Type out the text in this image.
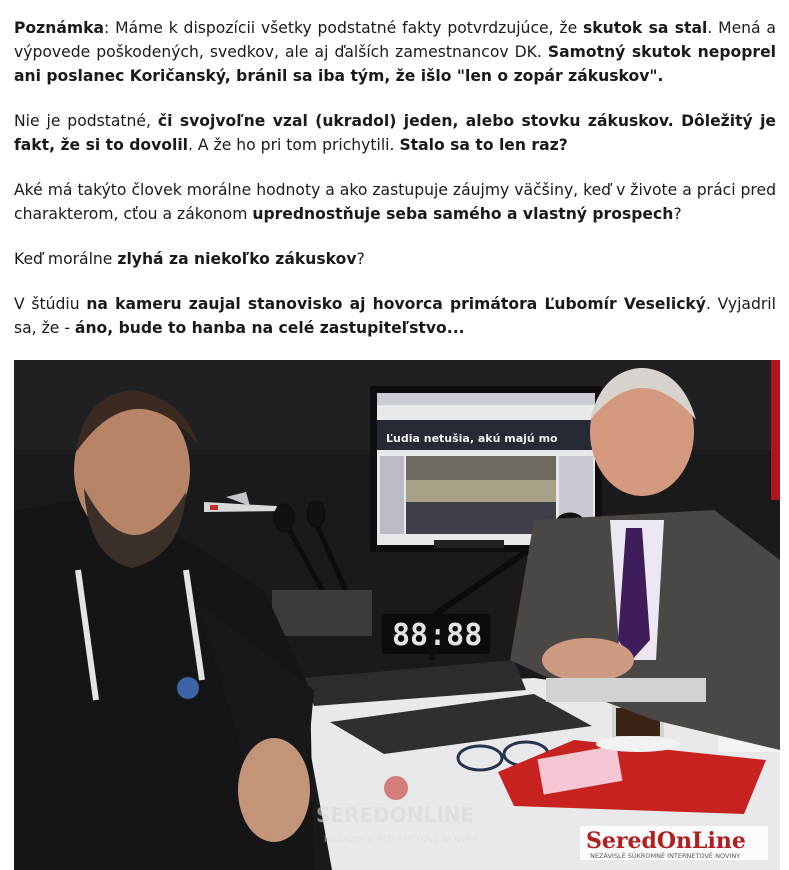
Poznámka: Máme k dispozícii všetky podstatné fakty potvrdzujúce, že skutok sa stal. Mená a výpovede poškodených, svedkov, ale aj ďalších zamestnancov DK. Samotný skutok nepoprel ani poslanec Koričanský, bránil sa iba tým, že išlo "len o zopár zákuskov".

Nie je podstatné, či svojvoľne vzal (ukradol) jeden, alebo stovku zákuskov. Dôležitý je fakt, že si to dovolil. A že ho pri tom prichytili. Stalo sa to len raz?

Aké má takýto človek morálne hodnoty a ako zastupuje záujmy väčšiny, keď v živote a práci pred charakterom, cťou a zákonom uprednostňuje seba samého a vlastný prospech?

Keď morálne zlyhá za niekoľko zákuskov?

V štúdiu na kameru zaujal stanovisko aj hovorca primátora Ľubomír Veselický. Vyjadril sa, že - áno, bude to hanba na celé zastupiteľstvo...

Ľudia netušia, akú majú mo
88:88
SEREDONLINE
NEZÁVISLÉ INTERNETOVÉ NOVINY	SeredOnLine
NEZÁVISLÉ SÚKROMNÉ INTERNETOVÉ NOVINY
